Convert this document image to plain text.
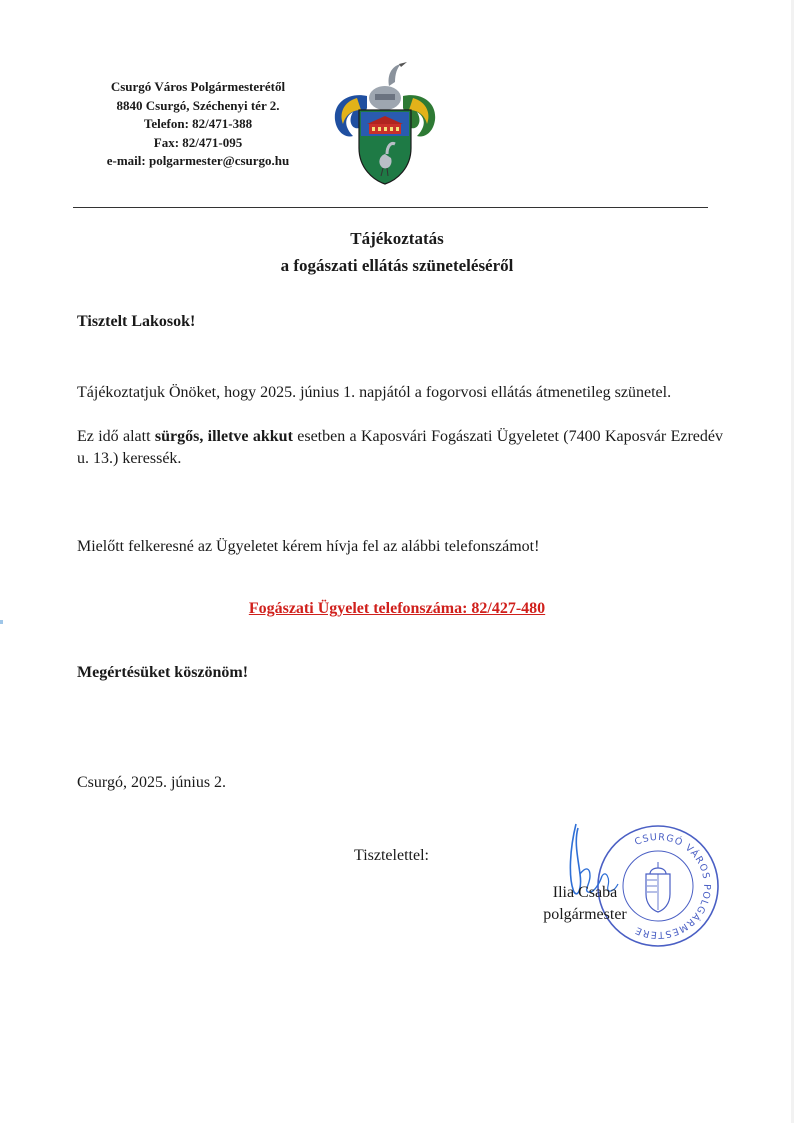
Csurgó Város Polgármesterétől
8840 Csurgó, Széchenyi tér 2.
Telefon: 82/471-388
Fax: 82/471-095
e-mail: polgarmester@csurgo.hu
Tájékoztatás
a fogászati ellátás szüneteléséről
Tisztelt Lakosok!
Tájékoztatjuk Önöket, hogy 2025. június 1. napjától a fogorvosi ellátás átmenetileg szünetel.
Ez idő alatt sürgős, illetve akkut esetben a Kaposvári Fogászati Ügyeletet (7400 Kaposvár Ezredév u. 13.) keressék.
Mielőtt felkeresné az Ügyeletet kérem hívja fel az alábbi telefonszámot!
Fogászati Ügyelet telefonszáma: 82/427-480
Megértésüket köszönöm!
Csurgó, 2025. június 2.
Tisztelettel:
CSURGÓ VÁROS POLGÁRMESTERE
Ilia Csaba
polgármester
